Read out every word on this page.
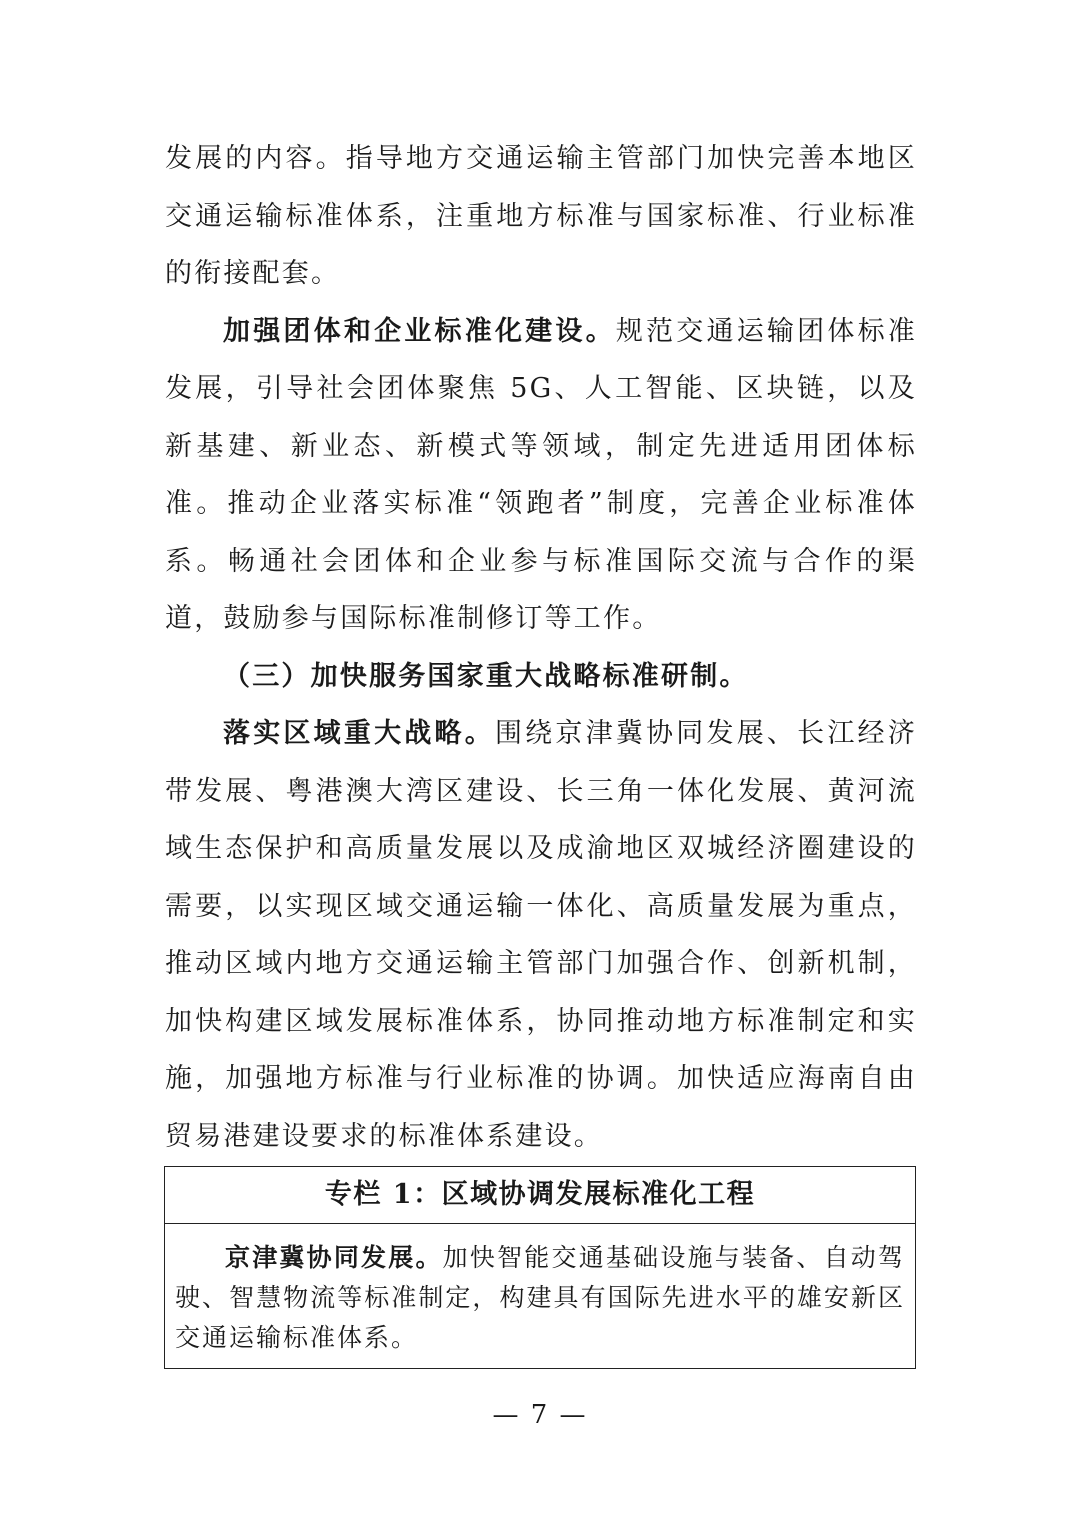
发展的内容。指导地方交通运输主管部门加快完善本地区交通运输标准体系，注重地方标准与国家标准、行业标准的衔接配套。

加强团体和企业标准化建设。规范交通运输团体标准发展，引导社会团体聚焦 5G、人工智能、区块链，以及新基建、新业态、新模式等领域，制定先进适用团体标准。推动企业落实标准“领跑者”制度，完善企业标准体系。畅通社会团体和企业参与标准国际交流与合作的渠道，鼓励参与国际标准制修订等工作。

（三）加快服务国家重大战略标准研制。

落实区域重大战略。围绕京津冀协同发展、长江经济带发展、粤港澳大湾区建设、长三角一体化发展、黄河流域生态保护和高质量发展以及成渝地区双城经济圈建设的需要，以实现区域交通运输一体化、高质量发展为重点，推动区域内地方交通运输主管部门加强合作、创新机制，加快构建区域发展标准体系，协同推动地方标准制定和实施，加强地方标准与行业标准的协调。加快适应海南自由贸易港建设要求的标准体系建设。

专栏 1：区域协调发展标准化工程
京津冀协同发展。加快智能交通基础设施与装备、自动驾驶、智慧物流等标准制定，构建具有国际先进水平的雄安新区交通运输标准体系。
— 7 —
